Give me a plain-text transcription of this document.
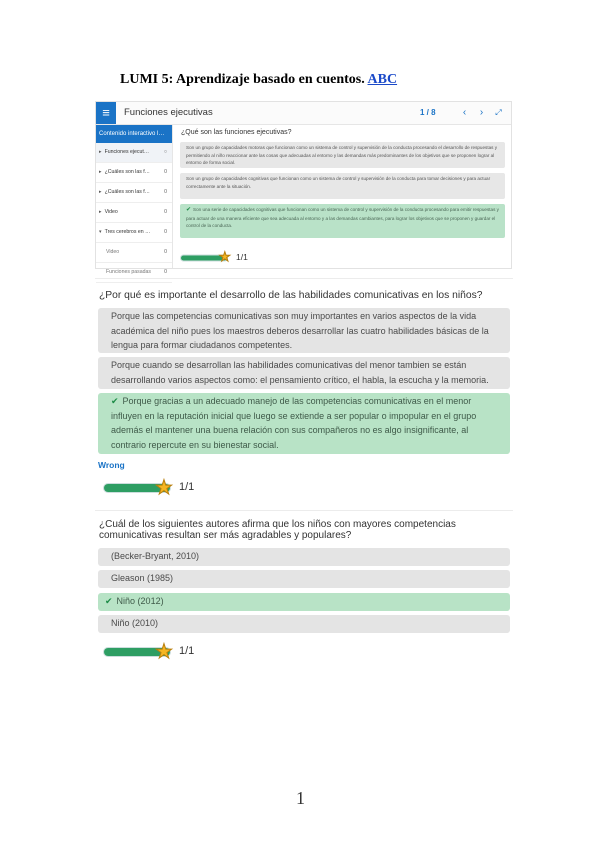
LUMI 5: Aprendizaje basado en cuentos. ABC
≡	Funciones ejecutivas	1 / 8	‹	›	⤢
Contenido interactivo l…
▸ Funciones ejecut…	○
▸ ¿Cuáles son las f…	0
▸ ¿Cuáles son las f…	0
▸ Video	0
▾ Tres cerebros en …	0
Video	0
Funciones pasadas	0
¿Qué son las funciones ejecutivas?
Son un grupo de capacidades motoras que funcionan como un sistema de control y supervisión de la conducta procesando el desarrollo de respuestas y permitiendo al niño reaccionar ante las cosas que adecuadas al entorno y las demandas más predominantes de los objetivos que se proponen lograr al entorno de forma social.
Son un grupo de capacidades cognitivas que funcionan como un sistema de control y supervisión de la conducta para tomar decisiones y para actuar correctamente ante la situación.
✔ Son una serie de capacidades cognitivas que funcionan como un sistema de control y supervisión de la conducta procesando para emitir respuestas y para actuar de una manera eficiente que sea adecuada al entorno y a las demandas cambiantes, para lograr los objetivos que se proponen y guardar el control de la conducta.
★ 1/1
¿Por qué es importante el desarrollo de las habilidades comunicativas en los niños?
Porque las competencias comunicativas son muy importantes en varios aspectos de la vida académica del niño pues los maestros deberos desarrollar las cuatro habilidades básicas de la lengua para formar ciudadanos competentes.
Porque cuando se desarrollan las habilidades comunicativas del menor tambien se están desarrollando varios aspectos como: el pensamiento crítico, el habla, la escucha y la memoria.
✔ Porque gracias a un adecuado manejo de las competencias comunicativas en el menor influyen en la reputación inicial que luego se extiende a ser popular o impopular en el grupo además el mantener una buena relación con sus compañeros no es algo insignificante, al contrario repercute en su bienestar social.
Wrong
★ 1/1
¿Cuál de los siguientes autores afirma que los niños con mayores competencias comunicativas resultan ser más agradables y populares?
(Becker-Bryant, 2010)
Gleason (1985)
✔ Niño (2012)
Niño (2010)
★ 1/1
1
